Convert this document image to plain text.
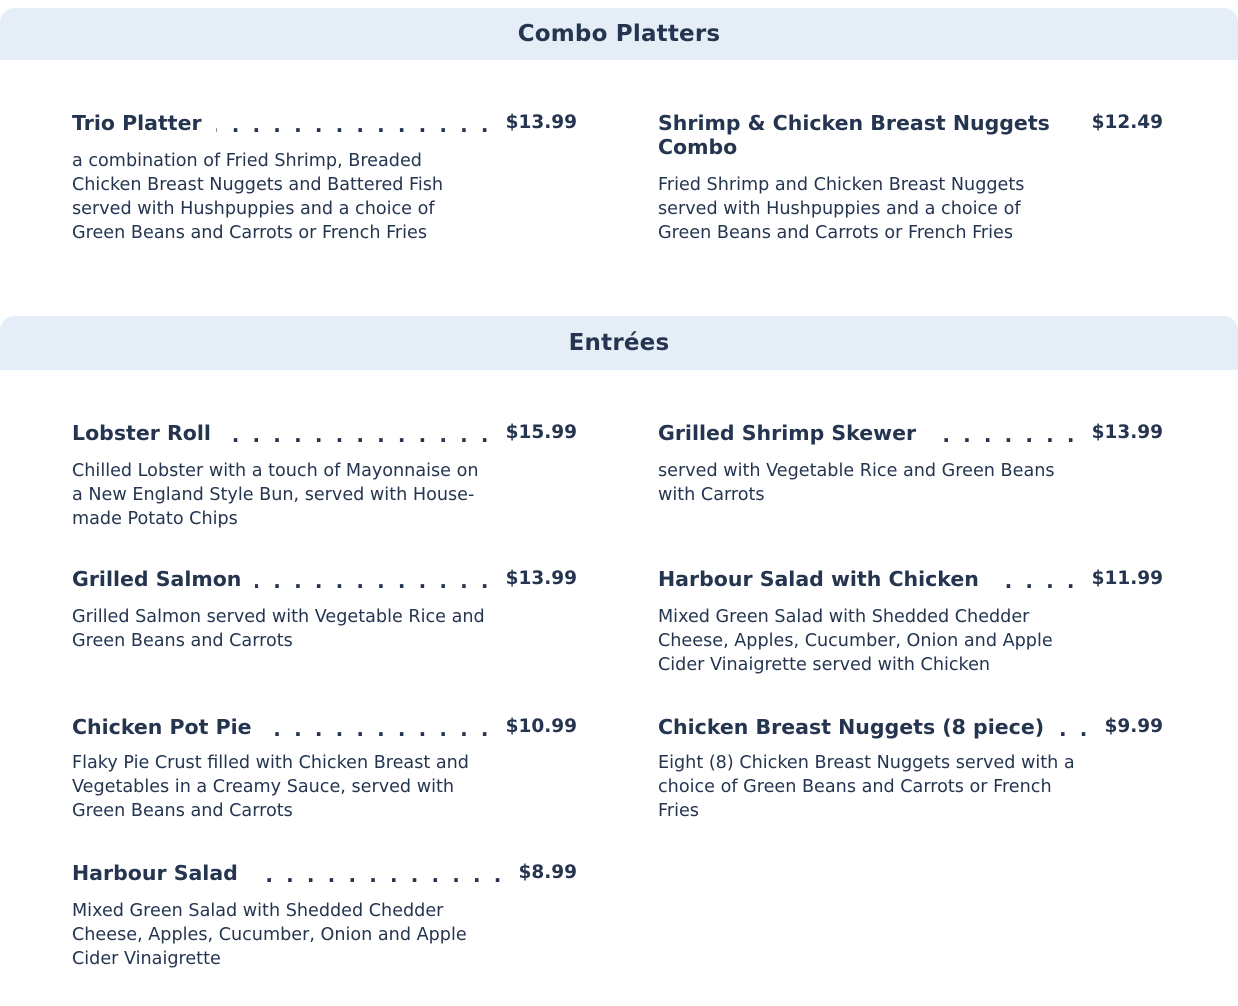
Combo Platters
Trio Platter . . .	$13.99
a combination of Fried Shrimp, Breaded Chicken Breast Nuggets and Battered Fish served with Hushpuppies and a choice of Green Beans and Carrots or French Fries
Shrimp & Chicken Breast Nuggets Combo
$12.49
Fried Shrimp and Chicken Breast Nuggets served with Hushpuppies and a choice of Green Beans and Carrots or French Fries
Entrées
Lobster Roll . . .	$15.99
Chilled Lobster with a touch of Mayonnaise on a New England Style Bun, served with House-made Potato Chips
Grilled Shrimp Skewer . . .	$13.99
served with Vegetable Rice and Green Beans with Carrots
Grilled Salmon . . .	$13.99
Grilled Salmon served with Vegetable Rice and Green Beans and Carrots
Harbour Salad with Chicken . . .	$11.99
Mixed Green Salad with Shedded Chedder Cheese, Apples, Cucumber, Onion and Apple Cider Vinaigrette served with Chicken
Chicken Pot Pie . . .	$10.99
Flaky Pie Crust filled with Chicken Breast and Vegetables in a Creamy Sauce, served with Green Beans and Carrots
Chicken Breast Nuggets (8 piece) . . .	$9.99
Eight (8) Chicken Breast Nuggets served with a choice of Green Beans and Carrots or French Fries
Harbour Salad . . .	$8.99
Mixed Green Salad with Shedded Chedder Cheese, Apples, Cucumber, Onion and Apple Cider Vinaigrette
